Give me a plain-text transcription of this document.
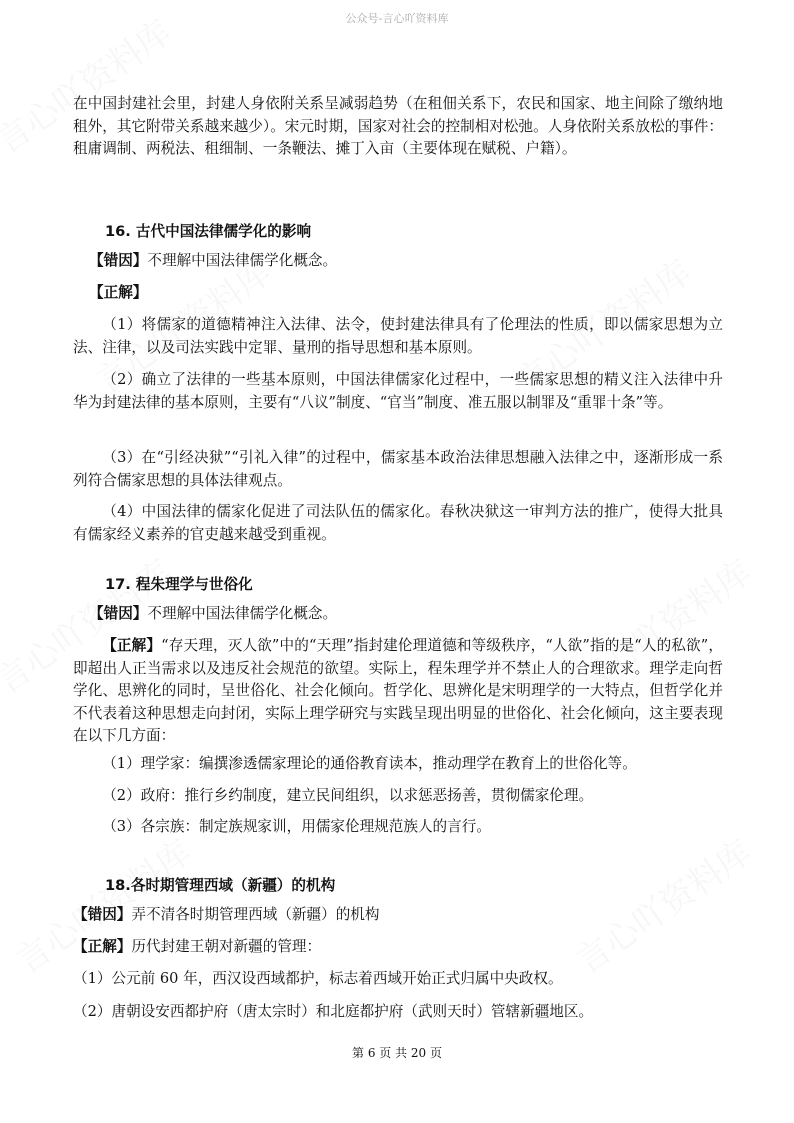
公众号-言心吖资料库
在中国封建社会里，封建人身依附关系呈减弱趋势（在租佃关系下，农民和国家、地主间除了缴纳地租外，其它附带关系越来越少）。宋元时期，国家对社会的控制相对松弛。人身依附关系放松的事件：租庸调制、两税法、租细制、一条鞭法、摊丁入亩（主要体现在赋税、户籍）。
16. 古代中国法律儒学化的影响
【错因】不理解中国法律儒学化概念。
【正解】
（1）将儒家的道德精神注入法律、法令，使封建法律具有了伦理法的性质，即以儒家思想为立法、注律，以及司法实践中定罪、量刑的指导思想和基本原则。
（2）确立了法律的一些基本原则，中国法律儒家化过程中，一些儒家思想的精义注入法律中升华为封建法律的基本原则，主要有“八议”制度、“官当”制度、准五服以制罪及“重罪十条”等。
（3）在“引经决狱”“引礼入律”的过程中，儒家基本政治法律思想融入法律之中，逐渐形成一系列符合儒家思想的具体法律观点。
（4）中国法律的儒家化促进了司法队伍的儒家化。春秋决狱这一审判方法的推广，使得大批具有儒家经义素养的官吏越来越受到重视。
17. 程朱理学与世俗化
【错因】不理解中国法律儒学化概念。
【正解】“存天理，灭人欲”中的“天理”指封建伦理道德和等级秩序，“人欲”指的是“人的私欲”，即超出人正当需求以及违反社会规范的欲望。实际上，程朱理学并不禁止人的合理欲求。理学走向哲学化、思辨化的同时，呈世俗化、社会化倾向。哲学化、思辨化是宋明理学的一大特点，但哲学化并不代表着这种思想走向封闭，实际上理学研究与实践呈现出明显的世俗化、社会化倾向，这主要表现在以下几方面：
（1）理学家：编撰渗透儒家理论的通俗教育读本，推动理学在教育上的世俗化等。
（2）政府：推行乡约制度，建立民间组织，以求惩恶扬善，贯彻儒家伦理。
（3）各宗族：制定族规家训，用儒家伦理规范族人的言行。
18.各时期管理西域（新疆）的机构
【错因】弄不清各时期管理西域（新疆）的机构
【正解】历代封建王朝对新疆的管理：
（1）公元前 60 年，西汉设西域都护，标志着西域开始正式归属中央政权。
（2）唐朝设安西都护府（唐太宗时）和北庭都护府（武则天时）管辖新疆地区。
第 6 页 共 20 页
